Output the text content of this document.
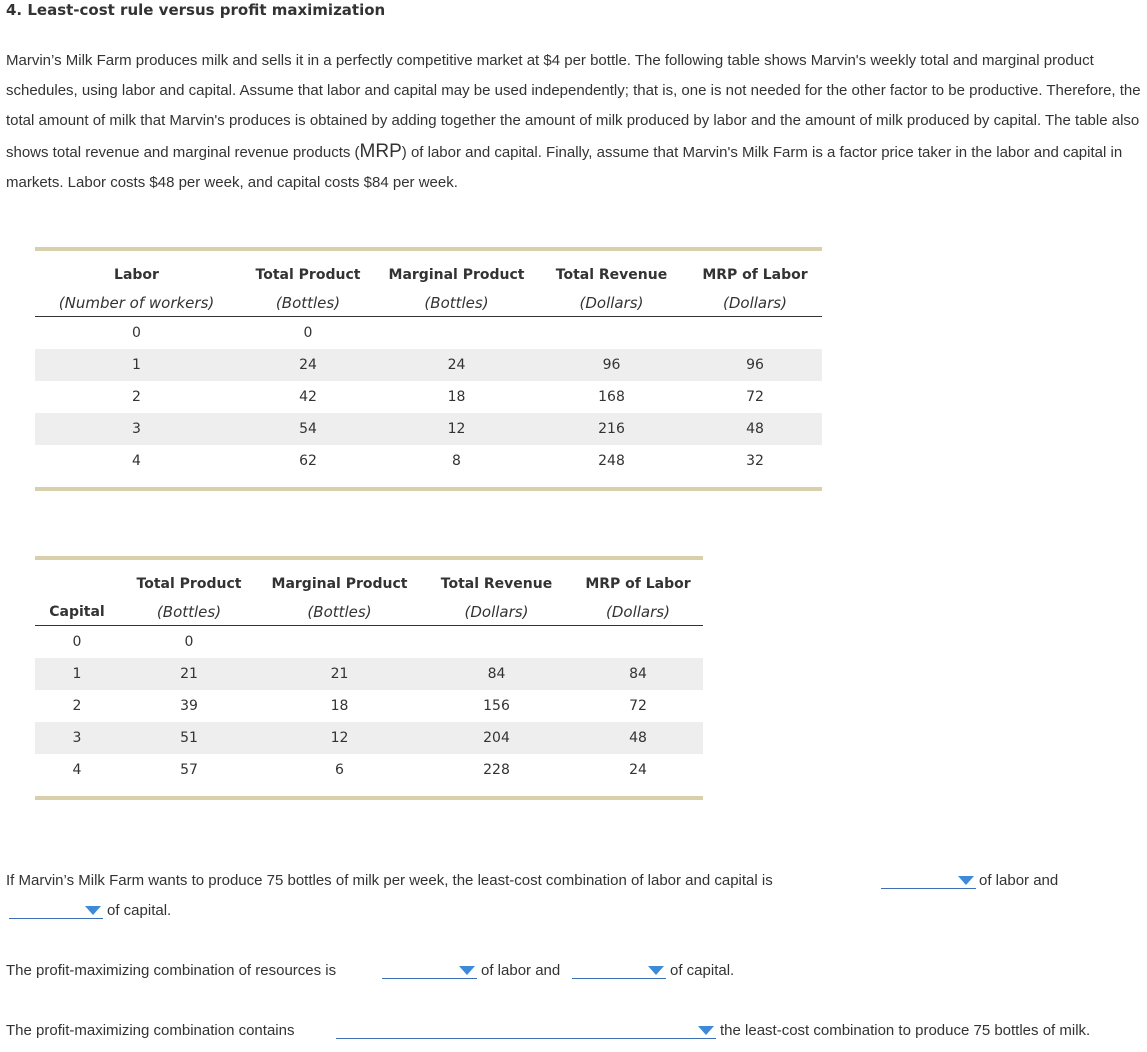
4. Least-cost rule versus profit maximization

Marvin’s Milk Farm produces milk and sells it in a perfectly competitive market at $4 per bottle. The following table shows Marvin's weekly total and marginal product schedules, using labor and capital. Assume that labor and capital may be used independently; that is, one is not needed for the other factor to be productive. Therefore, the total amount of milk that Marvin's produces is obtained by adding together the amount of milk produced by labor and the amount of milk produced by capital. The table also shows total revenue and marginal revenue products (MRP) of labor and capital. Finally, assume that Marvin's Milk Farm is a factor price taker in the labor and capital in markets. Labor costs $48 per week, and capital costs $84 per week.

Labor	Total Product	Marginal Product	Total Revenue	MRP of Labor
(Number of workers)	(Bottles)	(Bottles)	(Dollars)	(Dollars)
0	0			
1	24	24	96	96
2	42	18	168	72
3	54	12	216	48
4	62	8	248	32
	Total Product	Marginal Product	Total Revenue	MRP of Labor
Capital	(Bottles)	(Bottles)	(Dollars)	(Dollars)
0	0			
1	21	21	84	84
2	39	18	156	72
3	51	12	204	48
4	57	6	228	24
If Marvin’s Milk Farm wants to produce 75 bottles of milk per week, the least-cost combination of labor and capital is	of labor and
of capital.
The profit-maximizing combination of resources is	of labor and	of capital.
The profit-maximizing combination contains	the least-cost combination to produce 75 bottles of milk.
